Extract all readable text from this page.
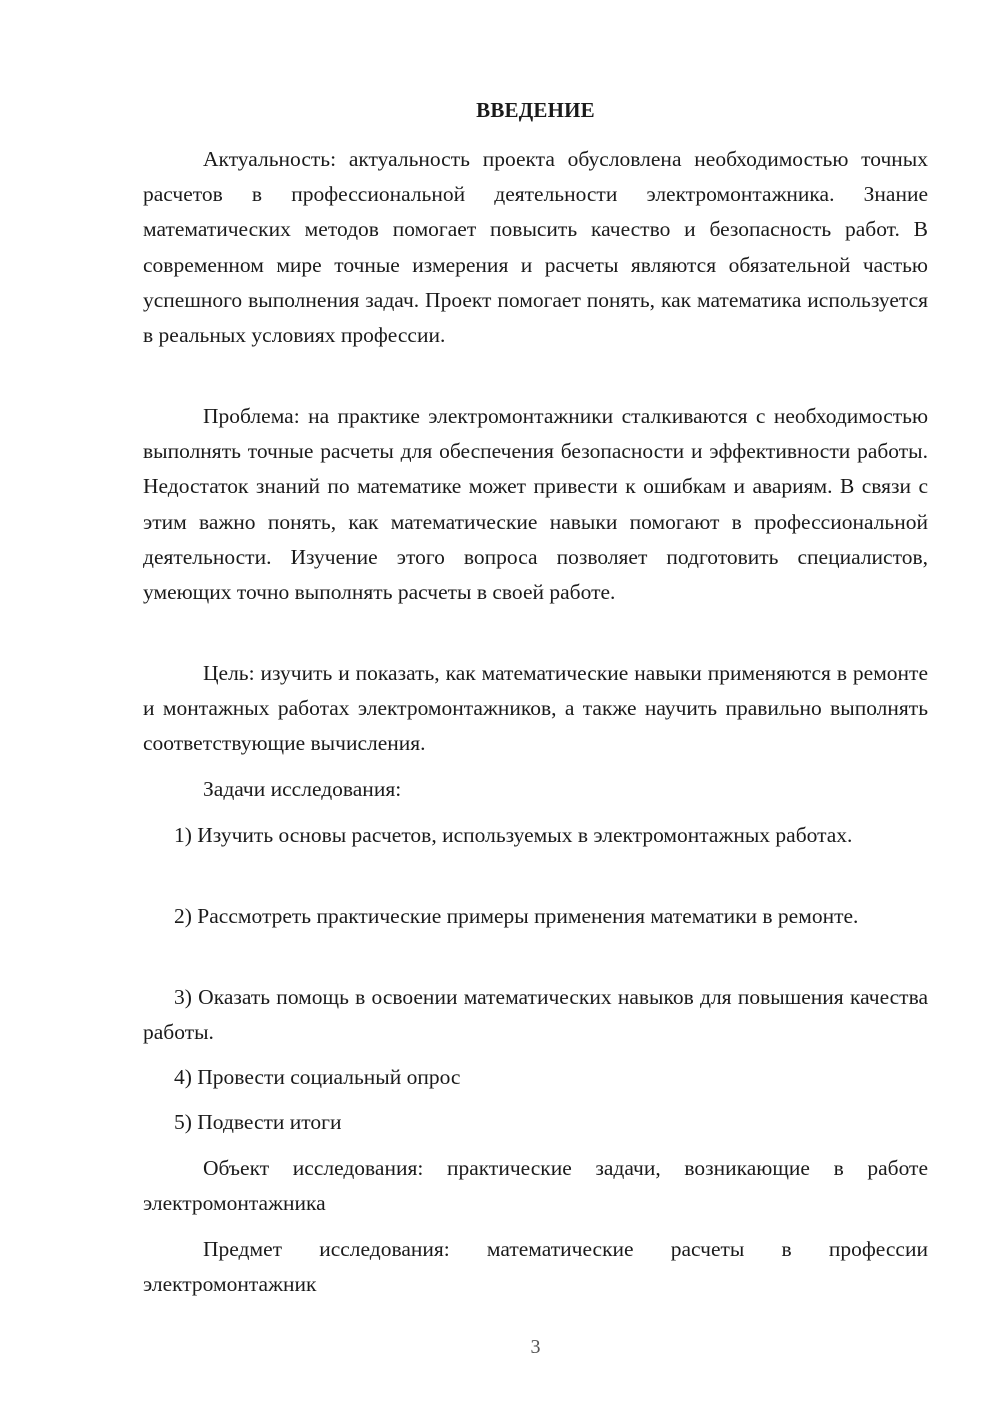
ВВЕДЕНИЕ

Актуальность: актуальность проекта обусловлена необходимостью точных расчетов в профессиональной деятельности электромонтажника. Знание математических методов помогает повысить качество и безопасность работ. В современном мире точные измерения и расчеты являются обязательной частью успешного выполнения задач. Проект помогает понять, как математика используется в реальных условиях профессии.

Проблема: на практике электромонтажники сталкиваются с необходимостью выполнять точные расчеты для обеспечения безопасности и эффективности работы. Недостаток знаний по математике может привести к ошибкам и авариям. В связи с этим важно понять, как математические навыки помогают в профессиональной деятельности. Изучение этого вопроса позволяет подготовить специалистов, умеющих точно выполнять расчеты в своей работе.

Цель: изучить и показать, как математические навыки применяются в ремонте и монтажных работах электромонтажников, а также научить правильно выполнять соответствующие вычисления.

Задачи исследования:

1) Изучить основы расчетов, используемых в электромонтажных работах.

2) Рассмотреть практические примеры применения математики в ремонте.

3) Оказать помощь в освоении математических навыков для повышения качества работы.

4) Провести социальный опрос

5) Подвести итоги

Объект исследования: практические задачи, возникающие в работе электромонтажника

Предмет исследования: математические расчеты в профессии электромонтажник

3
